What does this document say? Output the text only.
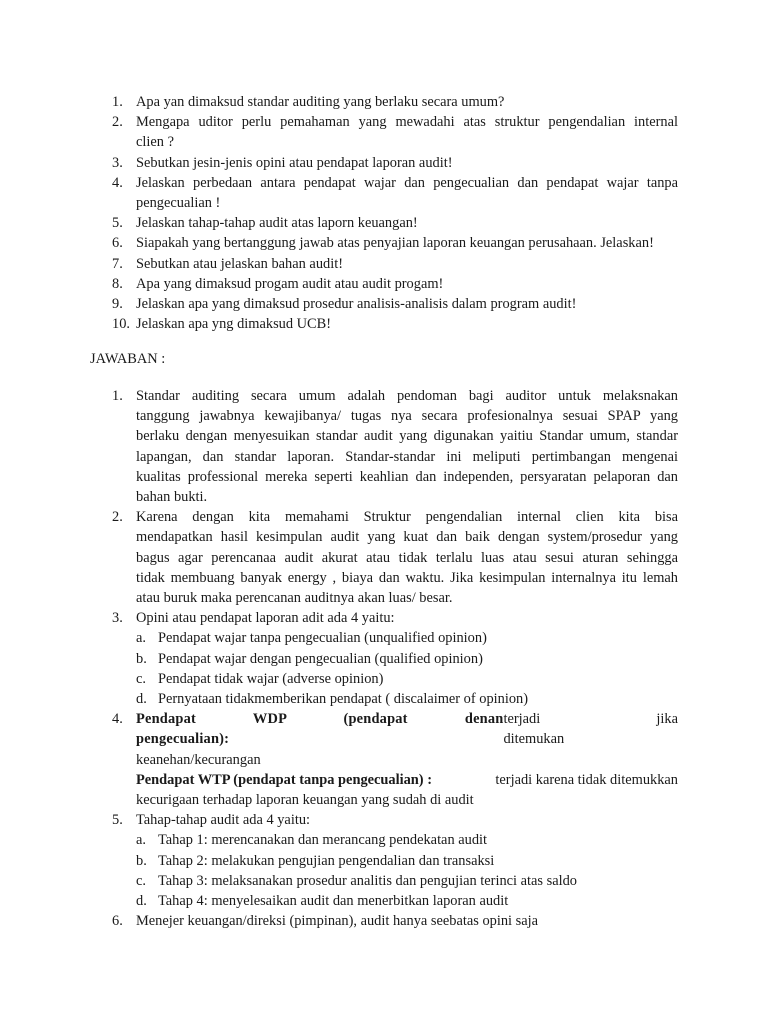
1. Apa yan dimaksud standar auditing yang berlaku secara umum?
2. Mengapa uditor perlu pemahaman yang mewadahi atas struktur pengendalian internal
clien ?
3. Sebutkan jesin-jenis opini atau pendapat laporan audit!
4. Jelaskan perbedaan antara pendapat wajar dan pengecualian dan pendapat wajar tanpa
pengecualian !
5. Jelaskan tahap-tahap audit atas laporn keuangan!
6. Siapakah yang bertanggung jawab atas penyajian laporan keuangan perusahaan. Jelaskan!
7. Sebutkan atau jelaskan bahan audit!
8. Apa yang dimaksud progam audit atau audit progam!
9. Jelaskan apa yang dimaksud prosedur analisis-analisis dalam program audit!
10. Jelaskan apa yng dimaksud UCB!
JAWABAN :
1. Standar auditing secara umum adalah pendoman bagi auditor untuk melaksnakan
tanggung jawabnya kewajibanya/ tugas nya secara profesionalnya sesuai SPAP yang
berlaku dengan menyesuikan standar audit yang digunakan yaitiu Standar umum, standar
lapangan, dan standar laporan. Standar-standar ini meliputi pertimbangan mengenai
kualitas professional mereka seperti keahlian dan independen, persyaratan pelaporan dan
bahan bukti.
2. Karena dengan kita memahami Struktur pengendalian internal clien kita bisa
mendapatkan hasil kesimpulan audit yang kuat dan baik dengan system/prosedur yang
bagus agar perencanaa audit akurat atau tidak terlalu luas atau sesui aturan sehingga
tidak membuang banyak energy , biaya dan waktu. Jika kesimpulan internalnya itu lemah
atau buruk maka perencanan auditnya akan luas/ besar.
3. Opini atau pendapat laporan adit ada 4 yaitu:
a. Pendapat wajar tanpa pengecualian (unqualified opinion)
b. Pendapat wajar dengan pengecualian (qualified opinion)
c. Pendapat tidak wajar (adverse opinion)
d. Pernyataan tidakmemberikan pendapat ( discalaimer of opinion)
4. Pendapat WDP (pendapat denan pengecualian):
terjadi jika ditemukan
keanehan/kecurangan
Pendapat WTP (pendapat tanpa pengecualian) :	terjadi karena tidak ditemukkan
kecurigaan terhadap laporan keuangan yang sudah di audit
5. Tahap-tahap audit ada 4 yaitu:
a. Tahap 1: merencanakan dan merancang pendekatan audit
b. Tahap 2: melakukan pengujian pengendalian dan transaksi
c. Tahap 3: melaksanakan prosedur analitis dan pengujian terinci atas saldo
d. Tahap 4: menyelesaikan audit dan menerbitkan laporan audit
6. Menejer keuangan/direksi (pimpinan), audit hanya seebatas opini saja
